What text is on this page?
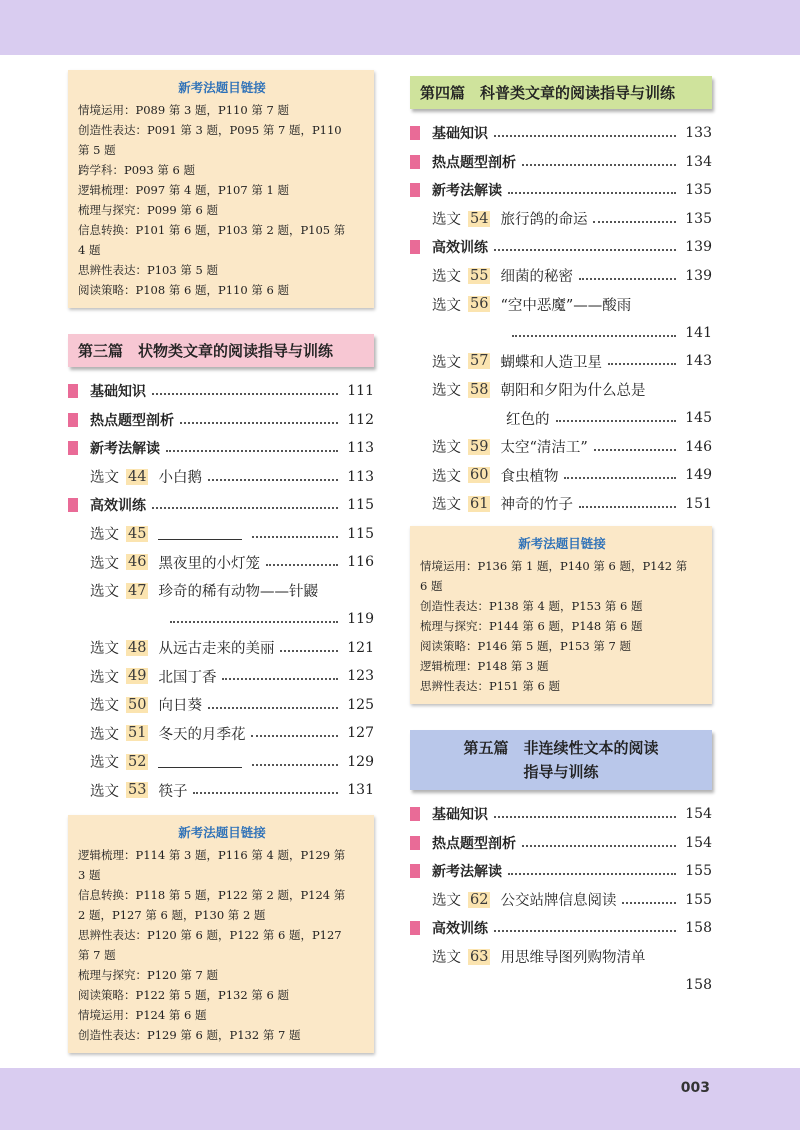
新考法题目链接
情境运用：P089 第 3 题，P110 第 7 题
创造性表达：P091 第 3 题，P095 第 7 题，P110
第 5 题
跨学科：P093 第 6 题
逻辑梳理：P097 第 4 题，P107 第 1 题
梳理与探究：P099 第 6 题
信息转换：P101 第 6 题，P103 第 2 题，P105 第
4 题
思辨性表达：P103 第 5 题
阅读策略：P108 第 6 题，P110 第 6 题
第三篇　状物类文章的阅读指导与训练
基础知识	111
热点题型剖析	112
新考法解读	113
选文 44 小白鹅	113
高效训练	115
选文 45	115
选文 46 黑夜里的小灯笼	116
选文 47 珍奇的稀有动物——针鼹
119
选文 48 从远古走来的美丽	121
选文 49 北国丁香	123
选文 50 向日葵	125
选文 51 冬天的月季花	127
选文 52	129
选文 53 筷子	131
新考法题目链接
逻辑梳理：P114 第 3 题，P116 第 4 题，P129 第
3 题
信息转换：P118 第 5 题，P122 第 2 题，P124 第
2 题，P127 第 6 题，P130 第 2 题
思辨性表达：P120 第 6 题，P122 第 6 题，P127
第 7 题
梳理与探究：P120 第 7 题
阅读策略：P122 第 5 题，P132 第 6 题
情境运用：P124 第 6 题
创造性表达：P129 第 6 题，P132 第 7 题
第四篇　科普类文章的阅读指导与训练
基础知识	133
热点题型剖析	134
新考法解读	135
选文 54 旅行鸽的命运	135
高效训练	139
选文 55 细菌的秘密	139
选文 56 “空中恶魔”——酸雨
141
选文 57 蝴蝶和人造卫星	143
选文 58 朝阳和夕阳为什么总是
红色的	145
选文 59 太空“清洁工”	146
选文 60 食虫植物	149
选文 61 神奇的竹子	151
新考法题目链接
情境运用：P136 第 1 题，P140 第 6 题，P142 第
6 题
创造性表达：P138 第 4 题，P153 第 6 题
梳理与探究：P144 第 6 题，P148 第 6 题
阅读策略：P146 第 5 题，P153 第 7 题
逻辑梳理：P148 第 3 题
思辨性表达：P151 第 6 题
第五篇　非连续性文本的阅读
指导与训练
基础知识	154
热点题型剖析	154
新考法解读	155
选文 62 公交站牌信息阅读	155
高效训练	158
选文 63 用思维导图列购物清单
158
003
